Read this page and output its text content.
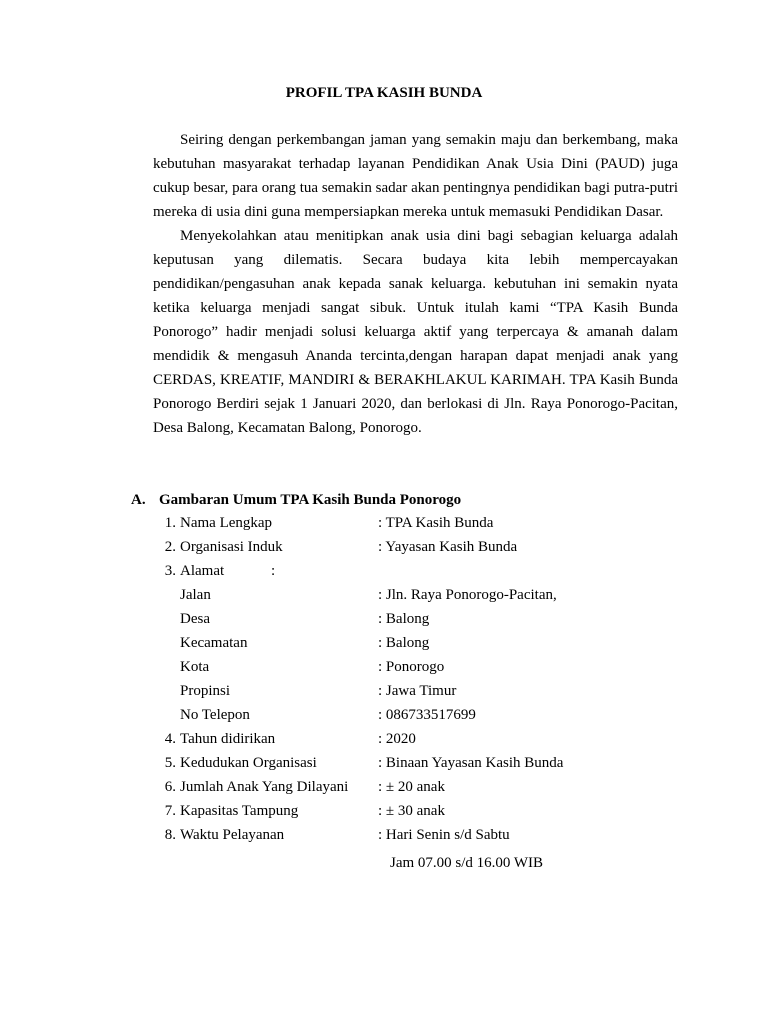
PROFIL TPA KASIH BUNDA

Seiring dengan perkembangan jaman yang semakin maju dan berkembang, maka kebutuhan masyarakat terhadap layanan Pendidikan Anak Usia Dini (PAUD) juga cukup besar, para orang tua semakin sadar akan pentingnya pendidikan bagi putra-putri mereka di usia dini guna mempersiapkan mereka untuk memasuki Pendidikan Dasar.

Menyekolahkan atau menitipkan anak usia dini bagi sebagian keluarga adalah keputusan yang dilematis. Secara budaya kita lebih mempercayakan pendidikan/pengasuhan anak kepada sanak keluarga. kebutuhan ini semakin nyata ketika keluarga menjadi sangat sibuk. Untuk itulah kami “TPA Kasih Bunda Ponorogo” hadir menjadi solusi keluarga aktif yang terpercaya & amanah dalam mendidik & mengasuh Ananda tercinta,dengan harapan dapat menjadi anak yang CERDAS, KREATIF, MANDIRI & BERAKHLAKUL KARIMAH. TPA Kasih Bunda Ponorogo Berdiri sejak 1 Januari 2020, dan berlokasi di Jln. Raya Ponorogo-Pacitan, Desa Balong, Kecamatan Balong, Ponorogo.

A. Gambaran Umum TPA Kasih Bunda Ponorogo
1. Nama Lengkap	: TPA Kasih Bunda
2. Organisasi Induk	: Yayasan Kasih Bunda
3. Alamat	:
Jalan	: Jln. Raya Ponorogo-Pacitan,
Desa	: Balong
Kecamatan	: Balong
Kota	: Ponorogo
Propinsi	: Jawa Timur
No Telepon	: 086733517699
4. Tahun didirikan	: 2020
5. Kedudukan Organisasi	: Binaan Yayasan Kasih Bunda
6. Jumlah Anak Yang Dilayani : ± 20 anak
7. Kapasitas Tampung	: ± 30 anak
8. Waktu Pelayanan	: Hari Senin s/d Sabtu
Jam 07.00 s/d 16.00 WIB
